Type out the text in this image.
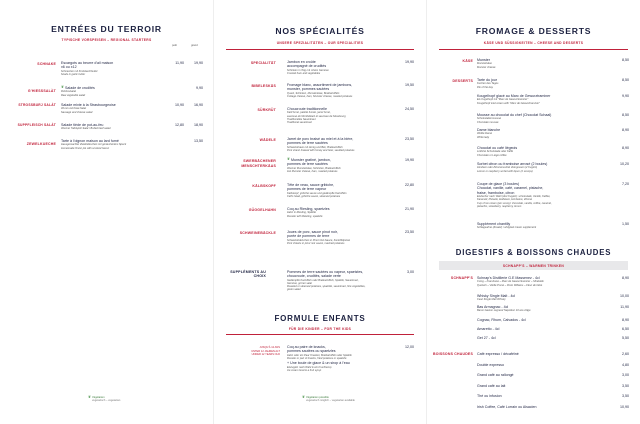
ENTRÉES DU TERROIR
TYPISCHE VORSPEISEN – REGIONAL STARTERS
petit	grand
SCHNAKE Escargots au beurre d'ail maison
x6 ou x12
Schnecken mit Knoblauchbutter
Snails in garlic butter
11,90	19,90
G'HIESSSALÀT
❦Salade de crudités
Rohkostsalat
Raw vegetable salad
9,90
STROSSBURJ SALÀT Salade mixte à la Strasbourgeoise
Wurst und Käse Salat
Sausage and cheese salad
10,90	16,90
SUPPFLEISCH SALÀT Salade tiède de pot-au-feu
Warmer Tafelspitz Salat / Boiled beef salad
12,80	18,90
ZEWELKUECHE
Tarte à l'oignon maison au lard fumé
Hausgemachter Zwiebelkuchen mit geräuchertem Speck
Homemade Onion pie with smoked bacon
13,50
❦Végétarien
vegetarisch – vegetarian
NOS SPÉCIALITÉS
UNSERE SPEZIALITÄTEN – OUR SPECIALITIES
SPECIALITÄT	Jambon en croûte
accompagné de crudités
Schinken in Teig mit rohem Gemüse
Crusted ham and vegetables
19,90
BIBELESKÄS	Fromage blanc, assortiment de jambons,
munster, pommes sautées
Quark, Schinken, Munsterkäse, Bratkartoffeln
Cottage cheese, ham, Munster cheese, roasted potatoes
19,50
SÜRKRÜT	Choucroute traditionnelle
Kaßl fumé, palette fumée, jarret fumé,
saucisse de Montbéliard et saucisse de Strasbourg
Traditionelles Sauerkraut
Traditional sauerkraut
24,50
WÄDELE	Jarret de porc braisé au miel et à la bière,
pommes de terre sautées
Schweinehaxe mit Honig und Bier, Bratkartoffeln
Pork shank braised with honey and beer, sautéed potatoes
23,50
SWERBÄCHENER MENSCHTERKÄAS
❦Munster gratiné, jambon,
pommes de terre sautées
Warmer Munsterkäse, Schinken, Bratkartoffeln
Hot Munster cheese, ham, roasted potatoes
19,90
KÄLBSKOPF	Tête de veau, sauce gribiche,
pommes de terre vapeur
Kalbskopf, gribiche sauce und gedämpfte Kartoffeln
Calf's head, gribiche sauce, steamed potatoes
22,80
GÜGGELHAHN	Coq au Riesling, spaetzles
Hahn in Riesling, Spätzle
Rooster with Riesling, spaetzle
21,90
SCHWEINEBÄCKLE	Joues de porc, sauce pinot noir,
purée de pommes de terre
Schweinebäckchen in Pinot Noir-Sauce, Kartoffelpüree
Pork cheeks in pinot noir sauce, mashed potatoes
23,50
SUPPLÉMENTS AU CHOIX
Pommes de terre sautées ou vapeur, spaetzles,
choucroute, crudités, salade verte
Gedämpfte Kartoffeln oder Bratkartoffeln, Spätzle, Sauerkraut,
Gemüse, grüner salat
Roasted or steamed potatoes, spaetzle, sauerkraut, fine vegetables,
green salad
3,00
FORMULE ENFANTS
FÜR DIE KINDER – FOR THE KIDS
JUSQU'À 12 ANS
UNTER 12 JAHREN ALT
UNDER 12 YEARS OLD
Coq au paire de knacks,
pommes sautées ou spaetzles
Hahn oder ein Paar Knacker, Bratkartoffeln oder Spätzle
Rooster or pair of knacks, fried potatoes or spaetzle
+ Une boule de glace & un sirop à l'eau
Eiskugeln nach Wahl & ein Fruchtsirup
Ice cream bowl & a fruit syrup
12,00
❦Végétarien possible
vegetarisch möglich – vegetarian available
FROMAGE & DESSERTS
KÄSE UND SÜSSIGKEITEN – CHEESE AND DESSERTS
KÄSE Munster
Munsterkäse
Munster cheese
8,50
DESSERTS Tarte du jour
Kuchen des Tages
Pie of the day
8,50
Kougelhopf glacé au Marc de Gewurztraminer
Eis Kugelhopf mit "Marc de Gewurztraminer"
Kougelhopf iced cream with "Marc de Gewurztraminer"
9,90
Mousse au chocolat du chef (Chocolat Schaal)
Schokoladenmousse
Chocolate mousse
8,50
Dame blanche
Weiße Dame
White lady
8,90
Chocolat ou café liégeois
Lüttiche Schokolade oder Kaffe
Chocolate or Liege coffee
8,90
Sorbet citron ou framboise arrosé (2 boules)
Himbeer oder Zitronensorbet übergossen (2 Kugeln)
Lemon or raspberry sorbet with liquor (2 scoops)
10,20
Coupe de glace (3 boules)
Chocolat, vanille, café, caramel, pistache,
fraise, framboise, citron
Eisbecher nach Wahl (drei Kugeln): schokolade, Vanille, Kaffee,
Karamell, Pistazie, Erdbeere, Himbeere, Zitrone
Cup of ice cream (per scoop): chocolate, vanilla, coffee, caramel,
pistachio, strawberry, raspberry, lemon
7,20
Supplément chantilly
Schlagsahne (Zusatz) / whipped cream supplement
1,50
DIGESTIFS & BOISSONS CHAUDES
SCHNAPP'S – WARMEN TRINKEN
SCHNAPP'S Schnap's Distillerie G.E Massenez - 4cl
Coing – Framboise – Marc de Gewurztraminer – Mirabelle
Quetsch – Vieille Prune – Poire Williams – Fleur de bière
8,90
Whisky Single Malt - 4cl
Cask Single Malt Whisky
10,00
Bas Armagnac - 4cl
Baron Gaston Legrand Napoléon 10 ans d'âge
11,90
Cognac, Rhum, Calvados - 4cl	8,90
Amaretto - 4cl	6,50
Get 27 - 4cl	5,50
BOISSONS CHAUDES Café expresso / décaféiné	2,60
Double expresso	4,80
Grand café au rallongé	3,00
Grand café au lait	3,50
Thé ou infusion	3,50
Irish Coffee, Café Lorrain ou Alsacien	10,90
